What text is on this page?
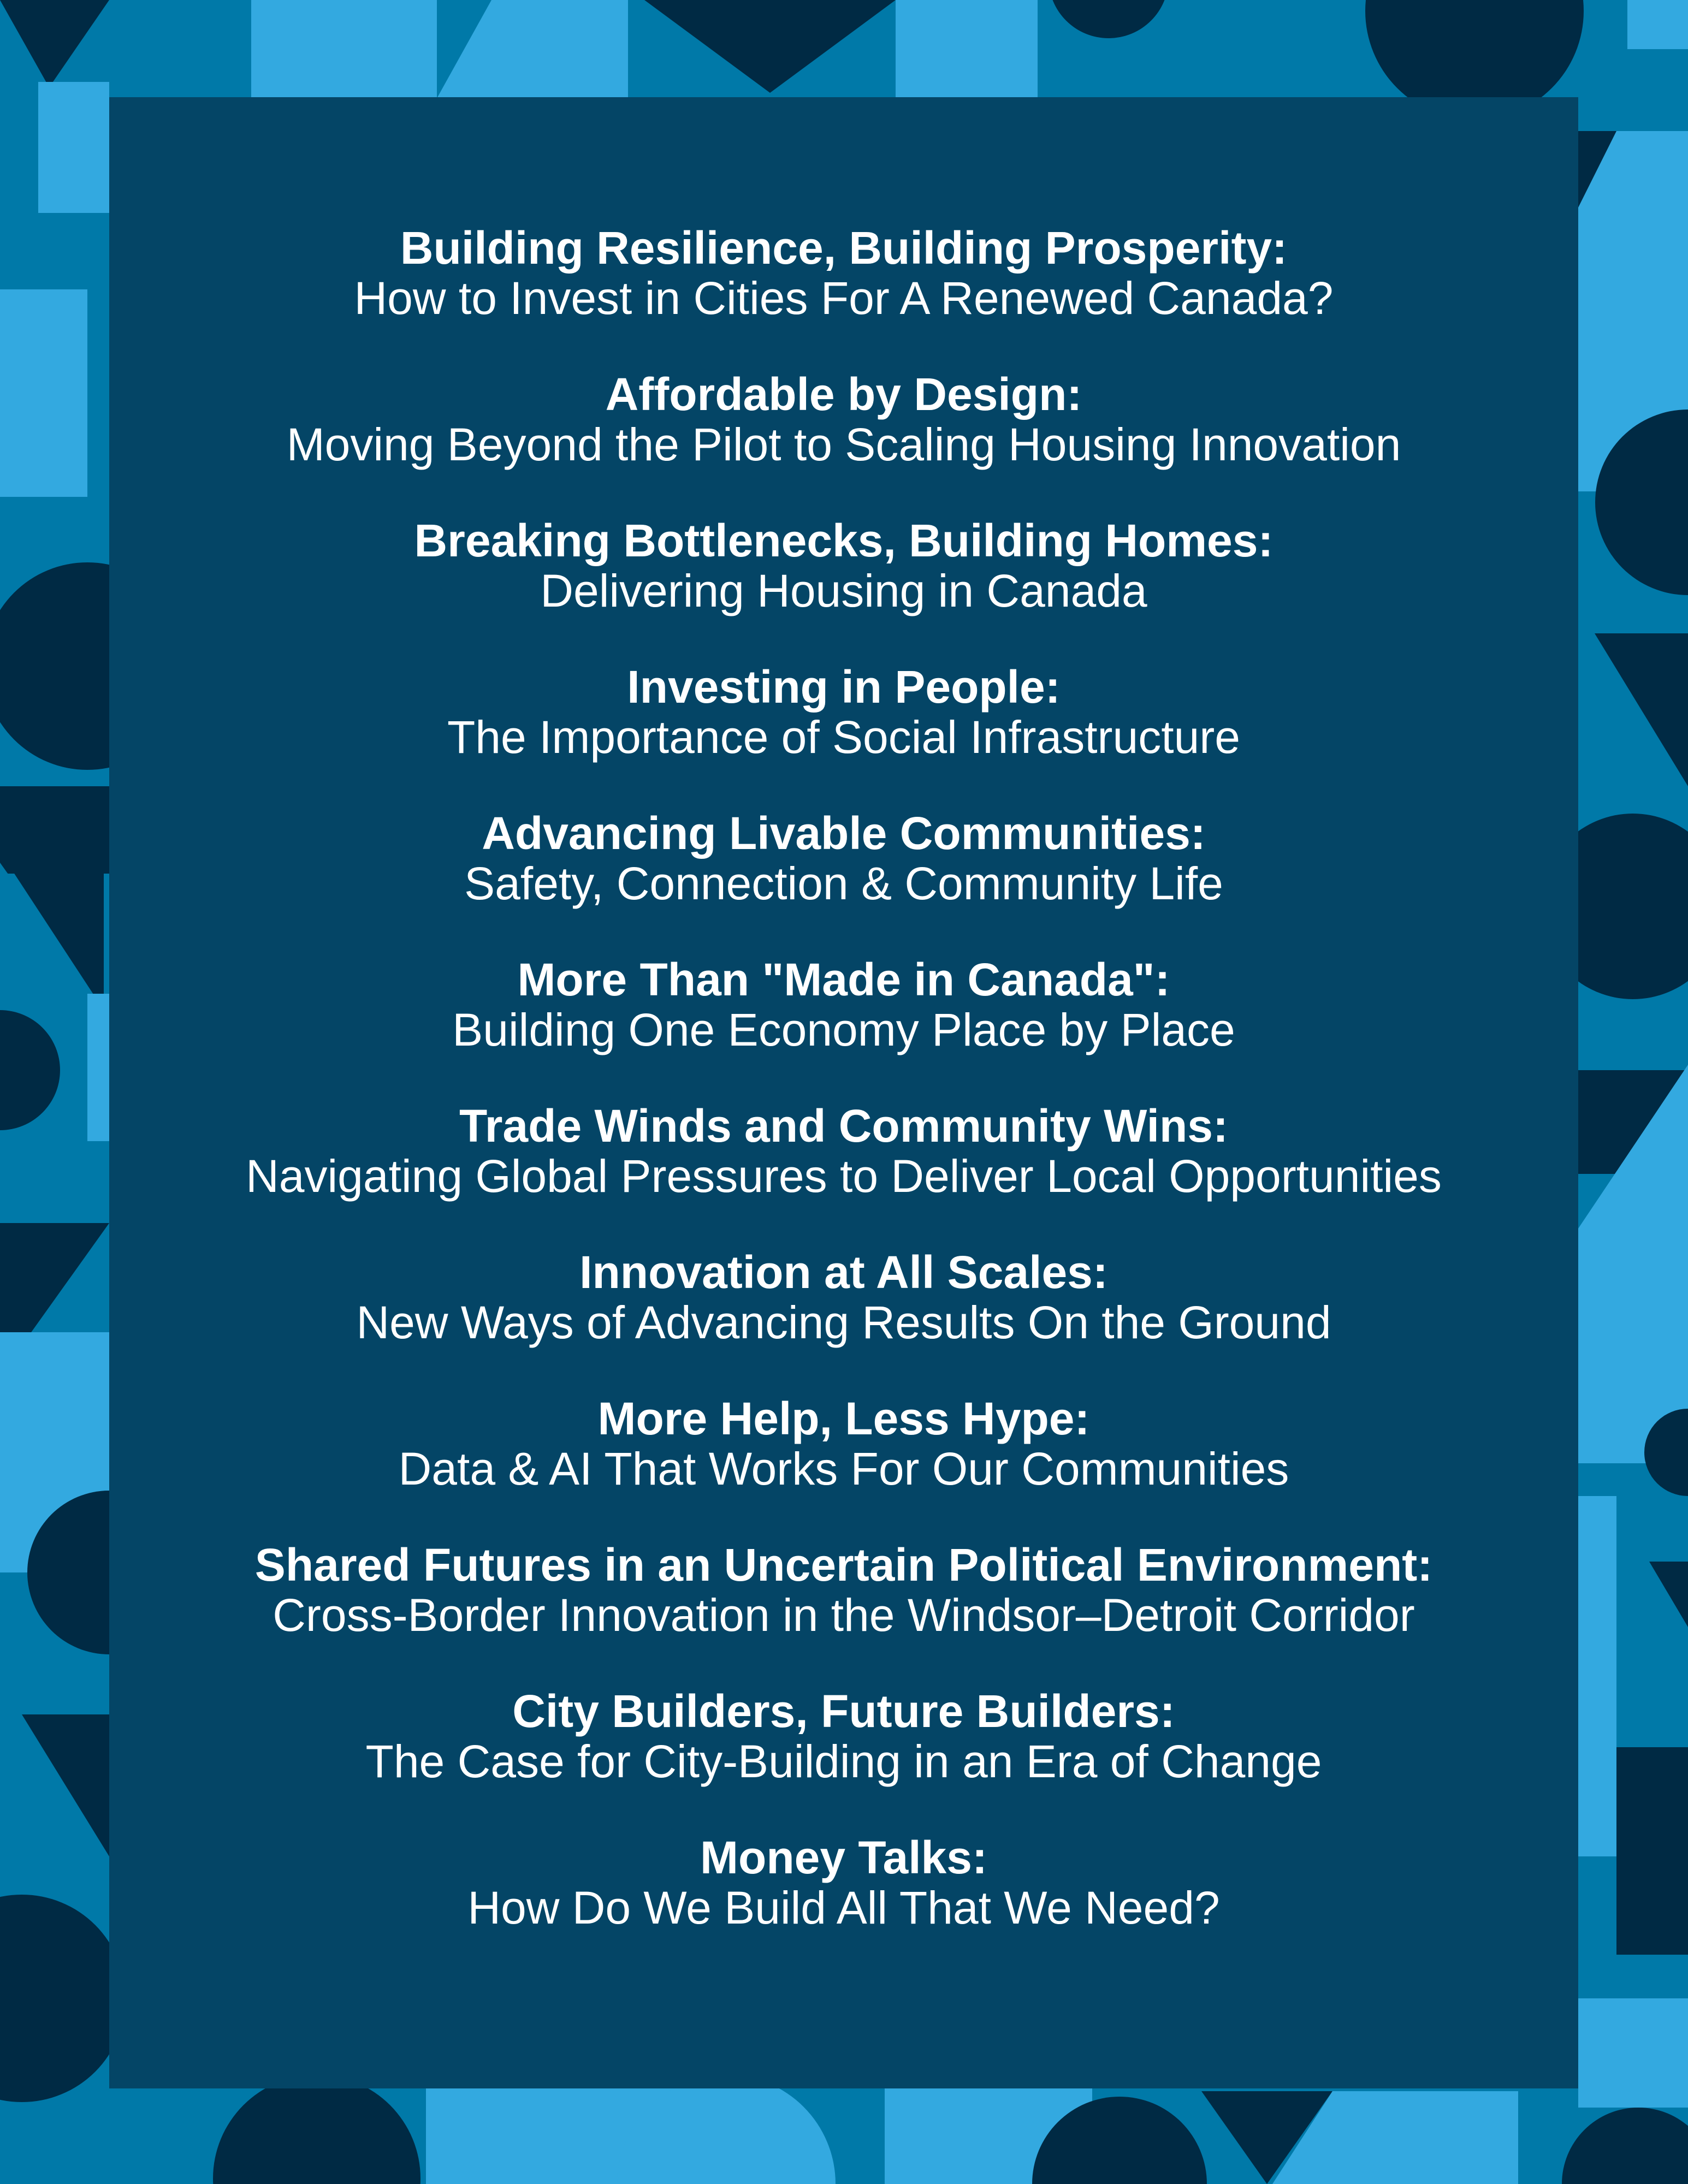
Building Resilience, Building Prosperity:
How to Invest in Cities For A Renewed Canada?
Affordable by Design:
Moving Beyond the Pilot to Scaling Housing Innovation
Breaking Bottlenecks, Building Homes:
Delivering Housing in Canada
Investing in People:
The Importance of Social Infrastructure
Advancing Livable Communities:
Safety, Connection & Community Life
More Than "Made in Canada":
Building One Economy Place by Place
Trade Winds and Community Wins:
Navigating Global Pressures to Deliver Local Opportunities
Innovation at All Scales:
New Ways of Advancing Results On the Ground
More Help, Less Hype:
Data & AI That Works For Our Communities
Shared Futures in an Uncertain Political Environment:
Cross-Border Innovation in the Windsor–Detroit Corridor
City Builders, Future Builders:
The Case for City-Building in an Era of Change
Money Talks:
How Do We Build All That We Need?
